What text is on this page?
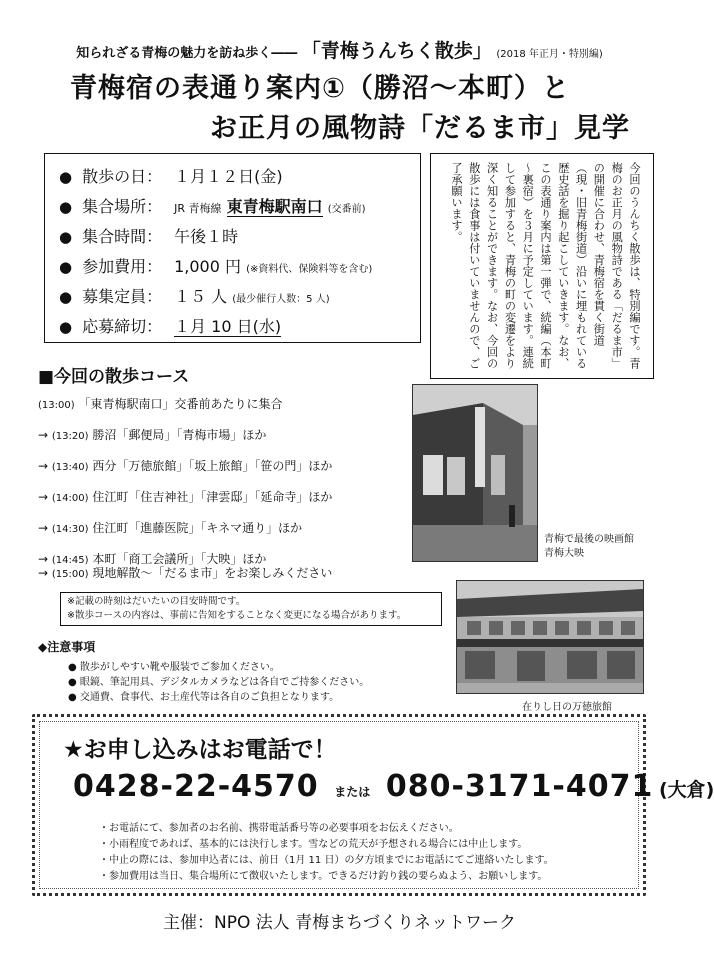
知られざる青梅の魅力を訪ね歩く―― 「青梅うんちく散歩」 (2018 年正月・特別編)
青梅宿の表通り案内①（勝沼～本町）と
お正月の風物詩「だるま市」見学
● 散歩の日： １月１２日(金)
● 集合場所： JR 青梅線 東青梅駅南口 (交番前)
● 集合時間： 午後１時
● 参加費用： 1,000 円 (※資料代、保険料等を含む)
● 募集定員： １５ 人 (最少催行人数：5 人)
● 応募締切： １月 10 日(水)	今回のうんちく散歩は、特別編です。青梅のお正月の風物詩である「だるま市」の開催に合わせ、青梅宿を貫く街道（現・旧青梅街道）沿いに埋もれている歴史話を掘り起こしていきます。なお、この表通り案内は第一弾で、続編（本町～裏宿）を３月に予定しています。連続して参加すると、青梅の町の変遷をより深く知ることができます。なお、今回の散歩には食事は付いていませんので、ご了承願います。
■今回の散歩コース
(13:00) 「東青梅駅南口」交番前あたりに集合
→ (13:20) 勝沼「郵便局」「青梅市場」ほか
→ (13:40) 西分「万徳旅館」「坂上旅館」「笹の門」ほか
→ (14:00) 住江町「住吉神社」「津雲邸」「延命寺」ほか
→ (14:30) 住江町「進藤医院」「キネマ通り」ほか
→ (14:45) 本町「商工会議所」「大映」ほか
→ (15:00) 現地解散～「だるま市」をお楽しみください
※記載の時刻はだいたいの目安時間です。
※散歩コースの内容は、事前に告知をすることなく変更になる場合があります。
青梅で最後の映画館
青梅大映
在りし日の万徳旅館
◆注意事項
● 散歩がしやすい靴や服装でご参加ください。
● 眼鏡、筆記用具、デジタルカメラなどは各自でご持参ください。
● 交通費、食事代、お土産代等は各自のご負担となります。
★お申し込みはお電話で！
0428-22-4570 または 080-3171-4071 (大倉)
・お電話にて、参加者のお名前、携帯電話番号等の必要事項をお伝えください。
・小雨程度であれば、基本的には決行します。雪などの荒天が予想される場合には中止します。
・中止の際には、参加申込者には、前日（1月 11 日）の夕方頃までにお電話にてご連絡いたします。
・参加費用は当日、集合場所にて徴収いたします。できるだけ釣り銭の要らぬよう、お願いします。
主催：NPO 法人 青梅まちづくりネットワーク
